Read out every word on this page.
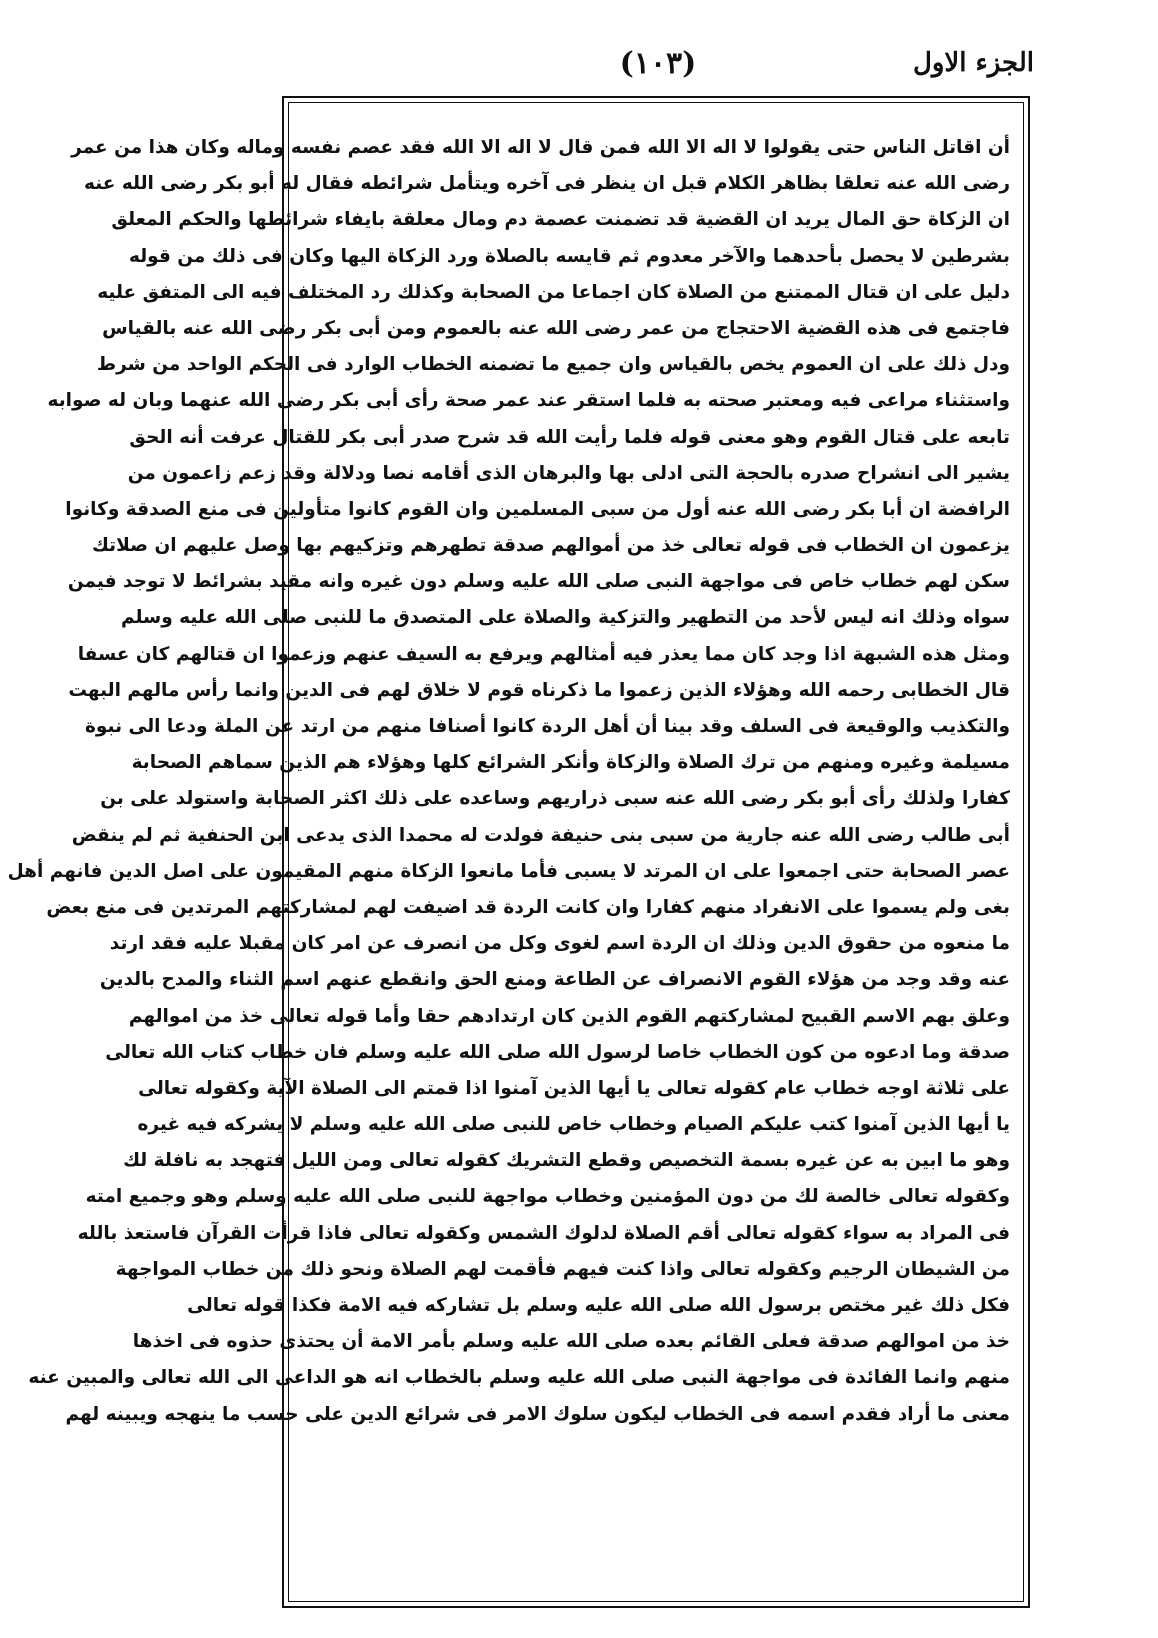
الجزء الاول
(١٠٣)
أن اقاتل الناس حتى يقولوا لا اله الا الله فمن قال لا اله الا الله فقد عصم نفسه وماله وكان هذا من عمر
رضى الله عنه تعلقا بظاهر الكلام قبل ان ينظر فى آخره ويتأمل شرائطه فقال له أبو بكر رضى الله عنه
ان الزكاة حق المال يريد ان القضية قد تضمنت عصمة دم ومال معلقة بايفاء شرائطها والحكم المعلق
بشرطين لا يحصل بأحدهما والآخر معدوم ثم قايسه بالصلاة ورد الزكاة اليها وكان فى ذلك من قوله
دليل على ان قتال الممتنع من الصلاة كان اجماعا من الصحابة وكذلك رد المختلف فيه الى المتفق عليه
فاجتمع فى هذه القضية الاحتجاج من عمر رضى الله عنه بالعموم ومن أبى بكر رضى الله عنه بالقياس
ودل ذلك على ان العموم يخص بالقياس وان جميع ما تضمنه الخطاب الوارد فى الحكم الواحد من شرط
واستثناء مراعى فيه ومعتبر صحته به فلما استقر عند عمر صحة رأى أبى بكر رضى الله عنهما وبان له صوابه
تابعه على قتال القوم وهو معنى قوله فلما رأيت الله قد شرح صدر أبى بكر للقتال عرفت أنه الحق
يشير الى انشراح صدره بالحجة التى ادلى بها والبرهان الذى أقامه نصا ودلالة وقد زعم زاعمون من
الرافضة ان أبا بكر رضى الله عنه أول من سبى المسلمين وان القوم كانوا متأولين فى منع الصدقة وكانوا
يزعمون ان الخطاب فى قوله تعالى خذ من أموالهم صدقة تطهرهم وتزكيهم بها وصل عليهم ان صلاتك
سكن لهم خطاب خاص فى مواجهة النبى صلى الله عليه وسلم دون غيره وانه مقيد بشرائط لا توجد فيمن
سواه وذلك انه ليس لأحد من التطهير والتزكية والصلاة على المتصدق ما للنبى صلى الله عليه وسلم
ومثل هذه الشبهة اذا وجد كان مما يعذر فيه أمثالهم ويرفع به السيف عنهم وزعموا ان قتالهم كان عسفا
قال الخطابى رحمه الله وهؤلاء الذين زعموا ما ذكرناه قوم لا خلاق لهم فى الدين وانما رأس مالهم البهت
والتكذيب والوقيعة فى السلف وقد بينا أن أهل الردة كانوا أصنافا منهم من ارتد عن الملة ودعا الى نبوة
مسيلمة وغيره ومنهم من ترك الصلاة والزكاة وأنكر الشرائع كلها وهؤلاء هم الذين سماهم الصحابة
كفارا ولذلك رأى أبو بكر رضى الله عنه سبى ذراريهم وساعده على ذلك اكثر الصحابة واستولد على بن
أبى طالب رضى الله عنه جارية من سبى بنى حنيفة فولدت له محمدا الذى يدعى ابن الحنفية ثم لم ينقض
عصر الصحابة حتى اجمعوا على ان المرتد لا يسبى فأما مانعوا الزكاة منهم المقيمون على اصل الدين فانهم أهل
بغى ولم يسموا على الانفراد منهم كفارا وان كانت الردة قد اضيفت لهم لمشاركتهم المرتدين فى منع بعض
ما منعوه من حقوق الدين وذلك ان الردة اسم لغوى وكل من انصرف عن امر كان مقبلا عليه فقد ارتد
عنه وقد وجد من هؤلاء القوم الانصراف عن الطاعة ومنع الحق وانقطع عنهم اسم الثناء والمدح بالدين
وعلق بهم الاسم القبيح لمشاركتهم القوم الذين كان ارتدادهم حقا وأما قوله تعالى خذ من اموالهم
صدقة وما ادعوه من كون الخطاب خاصا لرسول الله صلى الله عليه وسلم فان خطاب كتاب الله تعالى
على ثلاثة اوجه خطاب عام كقوله تعالى يا أيها الذين آمنوا اذا قمتم الى الصلاة الآية وكقوله تعالى
يا أيها الذين آمنوا كتب عليكم الصيام وخطاب خاص للنبى صلى الله عليه وسلم لا يشركه فيه غيره
وهو ما ابين به عن غيره بسمة التخصيص وقطع التشريك كقوله تعالى ومن الليل فتهجد به نافلة لك
وكقوله تعالى خالصة لك من دون المؤمنين وخطاب مواجهة للنبى صلى الله عليه وسلم وهو وجميع امته
فى المراد به سواء كقوله تعالى أقم الصلاة لدلوك الشمس وكقوله تعالى فاذا قرأت القرآن فاستعذ بالله
من الشيطان الرجيم وكقوله تعالى واذا كنت فيهم فأقمت لهم الصلاة ونحو ذلك من خطاب المواجهة
فكل ذلك غير مختص برسول الله صلى الله عليه وسلم بل تشاركه فيه الامة فكذا قوله تعالى
خذ من اموالهم صدقة فعلى القائم بعده صلى الله عليه وسلم بأمر الامة أن يحتذى حذوه فى اخذها
منهم وانما الفائدة فى مواجهة النبى صلى الله عليه وسلم بالخطاب انه هو الداعى الى الله تعالى والمبين عنه
معنى ما أراد فقدم اسمه فى الخطاب ليكون سلوك الامر فى شرائع الدين على حسب ما ينهجه ويبينه لهم
